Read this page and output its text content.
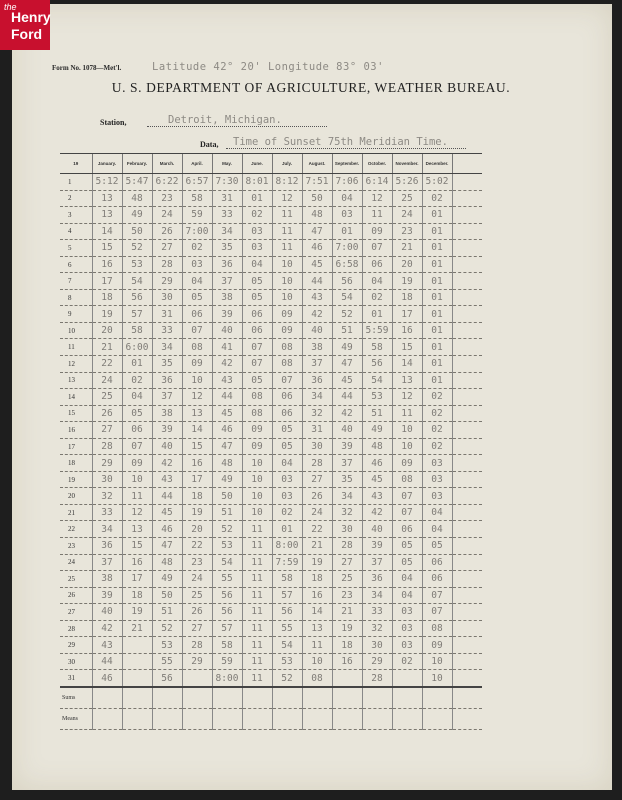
the
Henry
Ford
Form No. 1078—Met'l.	Latitude 42° 20' Longitude 83° 03'
U. S. DEPARTMENT OF AGRICULTURE, WEATHER BUREAU.
Station,	Detroit, Michigan.
Data, Time of Sunset 75th Meridian Time.
19	January.	February.	March.	April.	May.	June.	July.	August.	September.	October.	November.	December.	
1	5:12	5:47	6:22	6:57	7:30	8:01	8:12	7:51	7:06	6:14	5:26	5:02	
2	13	48	23	58	31	01	12	50	04	12	25	02	
3	13	49	24	59	33	02	11	48	03	11	24	01	
4	14	50	26	7:00	34	03	11	47	01	09	23	01	
5	15	52	27	02	35	03	11	46	7:00	07	21	01	
6	16	53	28	03	36	04	10	45	6:58	06	20	01	
7	17	54	29	04	37	05	10	44	56	04	19	01	
8	18	56	30	05	38	05	10	43	54	02	18	01	
9	19	57	31	06	39	06	09	42	52	01	17	01	
10	20	58	33	07	40	06	09	40	51	5:59	16	01	
11	21	6:00	34	08	41	07	08	38	49	58	15	01	
12	22	01	35	09	42	07	08	37	47	56	14	01	
13	24	02	36	10	43	05	07	36	45	54	13	01	
14	25	04	37	12	44	08	06	34	44	53	12	02	
15	26	05	38	13	45	08	06	32	42	51	11	02	
16	27	06	39	14	46	09	05	31	40	49	10	02	
17	28	07	40	15	47	09	05	30	39	48	10	02	
18	29	09	42	16	48	10	04	28	37	46	09	03	
19	30	10	43	17	49	10	03	27	35	45	08	03	
20	32	11	44	18	50	10	03	26	34	43	07	03	
21	33	12	45	19	51	10	02	24	32	42	07	04	
22	34	13	46	20	52	11	01	22	30	40	06	04	
23	36	15	47	22	53	11	8:00	21	28	39	05	05	
24	37	16	48	23	54	11	7:59	19	27	37	05	06	
25	38	17	49	24	55	11	58	18	25	36	04	06	
26	39	18	50	25	56	11	57	16	23	34	04	07	
27	40	19	51	26	56	11	56	14	21	33	03	07	
28	42	21	52	27	57	11	55	13	19	32	03	08	
29	43		53	28	58	11	54	11	18	30	03	09	
30	44		55	29	59	11	53	10	16	29	02	10	
31	46		56		8:00	11	52	08		28		10	
Sums													
Means													
